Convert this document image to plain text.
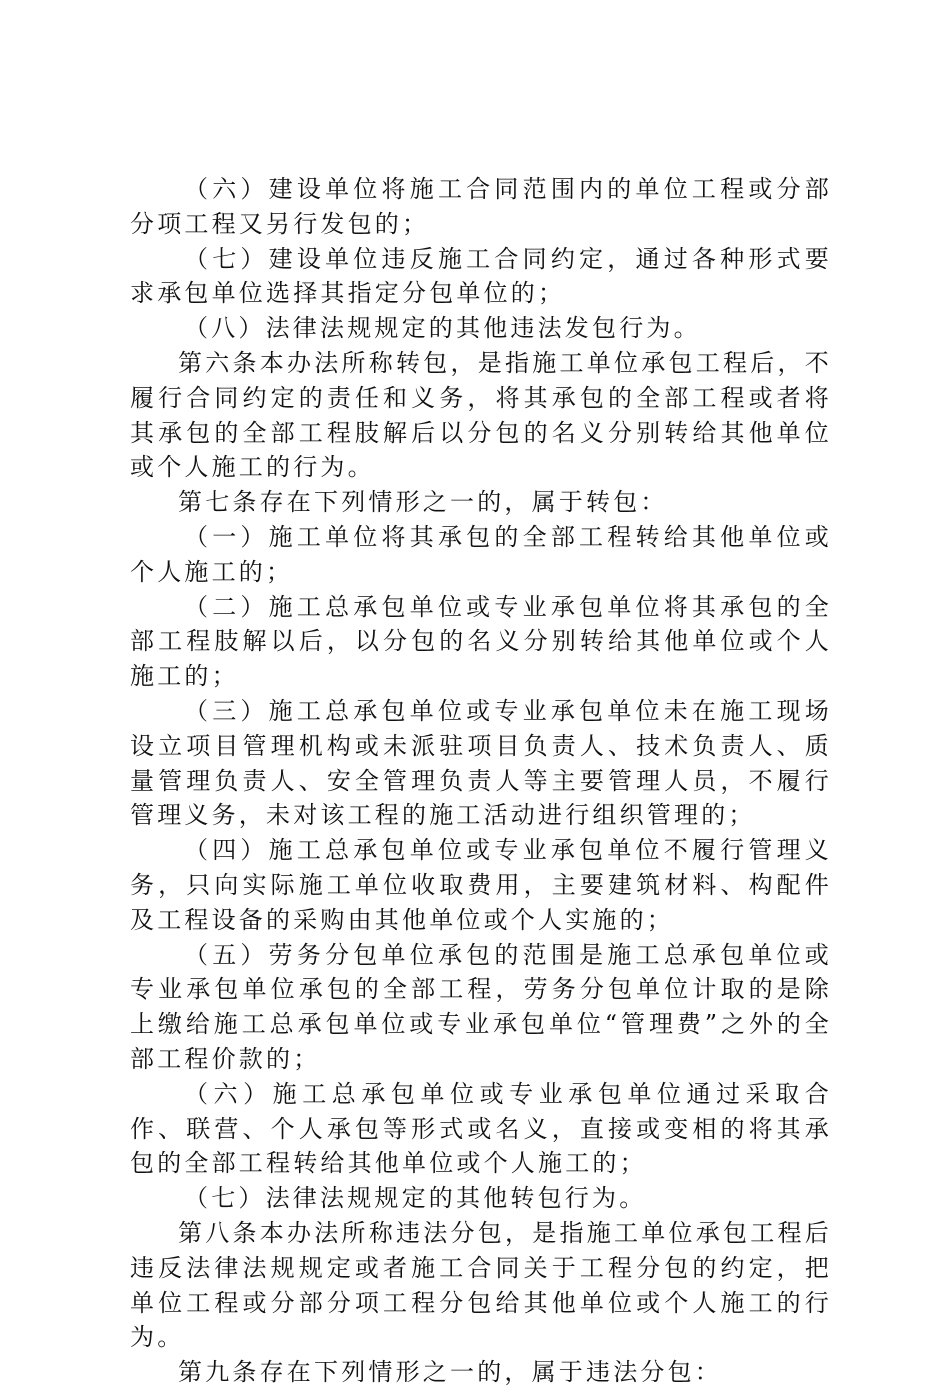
（六）建设单位将施工合同范围内的单位工程或分部分项工程又另行发包的；

（七）建设单位违反施工合同约定，通过各种形式要求承包单位选择其指定分包单位的；

（八）法律法规规定的其他违法发包行为。

第六条本办法所称转包，是指施工单位承包工程后，不履行合同约定的责任和义务，将其承包的全部工程或者将其承包的全部工程肢解后以分包的名义分别转给其他单位或个人施工的行为。

第七条存在下列情形之一的，属于转包：

（一）施工单位将其承包的全部工程转给其他单位或个人施工的；

（二）施工总承包单位或专业承包单位将其承包的全部工程肢解以后，以分包的名义分别转给其他单位或个人施工的；

（三）施工总承包单位或专业承包单位未在施工现场设立项目管理机构或未派驻项目负责人、技术负责人、质量管理负责人、安全管理负责人等主要管理人员，不履行管理义务，未对该工程的施工活动进行组织管理的；

（四）施工总承包单位或专业承包单位不履行管理义务，只向实际施工单位收取费用，主要建筑材料、构配件及工程设备的采购由其他单位或个人实施的；

（五）劳务分包单位承包的范围是施工总承包单位或专业承包单位承包的全部工程，劳务分包单位计取的是除上缴给施工总承包单位或专业承包单位“管理费”之外的全部工程价款的；

（六）施工总承包单位或专业承包单位通过采取合作、联营、个人承包等形式或名义，直接或变相的将其承包的全部工程转给其他单位或个人施工的；

（七）法律法规规定的其他转包行为。

第八条本办法所称违法分包，是指施工单位承包工程后违反法律法规规定或者施工合同关于工程分包的约定，把单位工程或分部分项工程分包给其他单位或个人施工的行为。

第九条存在下列情形之一的，属于违法分包：
